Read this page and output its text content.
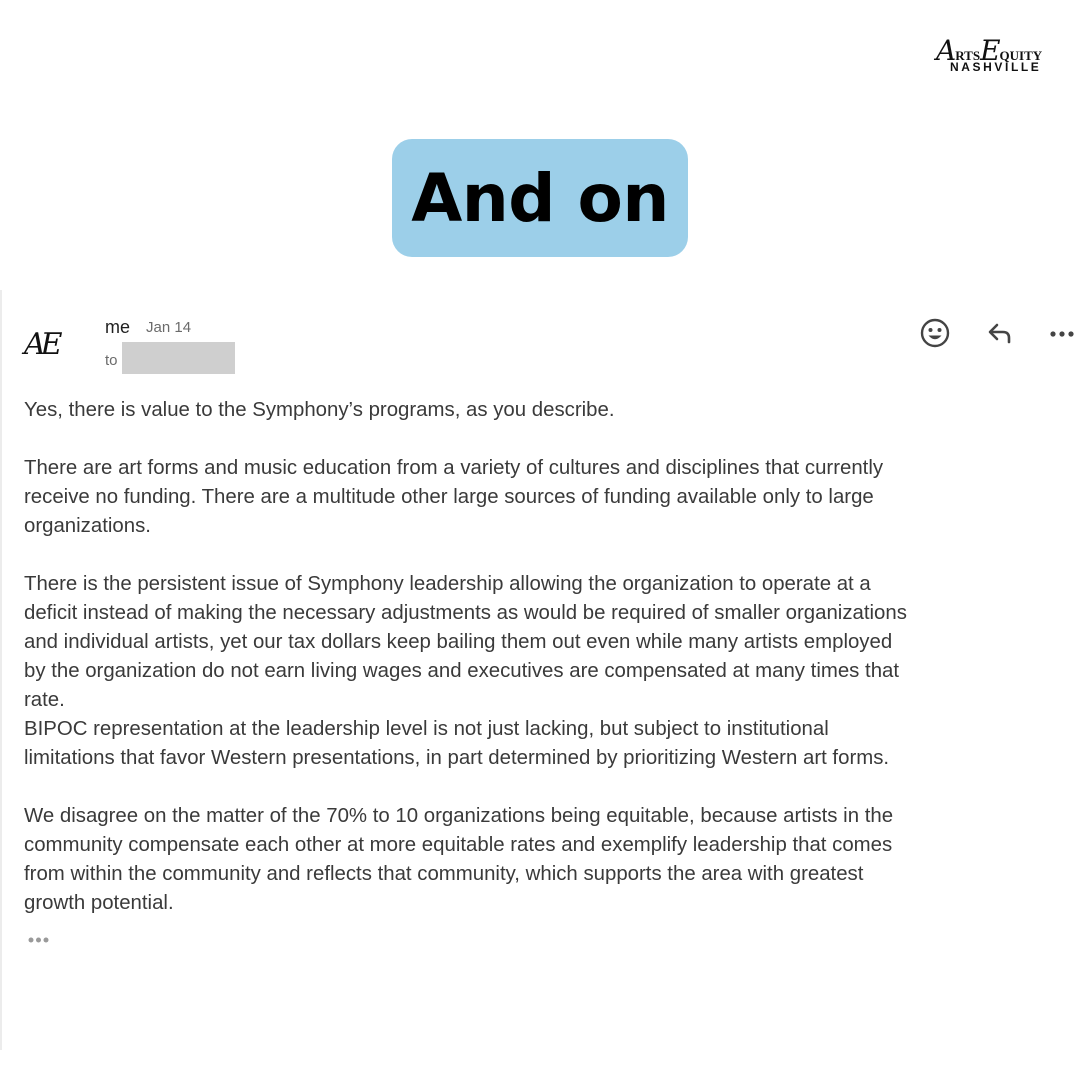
ARTSEQUITY
NASHVILLE
And on
AE	me Jan 14
to

Yes, there is value to the Symphony’s programs, as you describe.

There are art forms and music education from a variety of cultures and disciplines that currently

receive no funding. There are a multitude other large sources of funding available only to large

organizations.

There is the persistent issue of Symphony leadership allowing the organization to operate at a

deficit instead of making the necessary adjustments as would be required of smaller organizations

and individual artists, yet our tax dollars keep bailing them out even while many artists employed

by the organization do not earn living wages and executives are compensated at many times that

rate.

BIPOC representation at the leadership level is not just lacking, but subject to institutional

limitations that favor Western presentations, in part determined by prioritizing Western art forms.

We disagree on the matter of the 70% to 10 organizations being equitable, because artists in the

community compensate each other at more equitable rates and exemplify leadership that comes

from within the community and reflects that community, which supports the area with greatest

growth potential.
